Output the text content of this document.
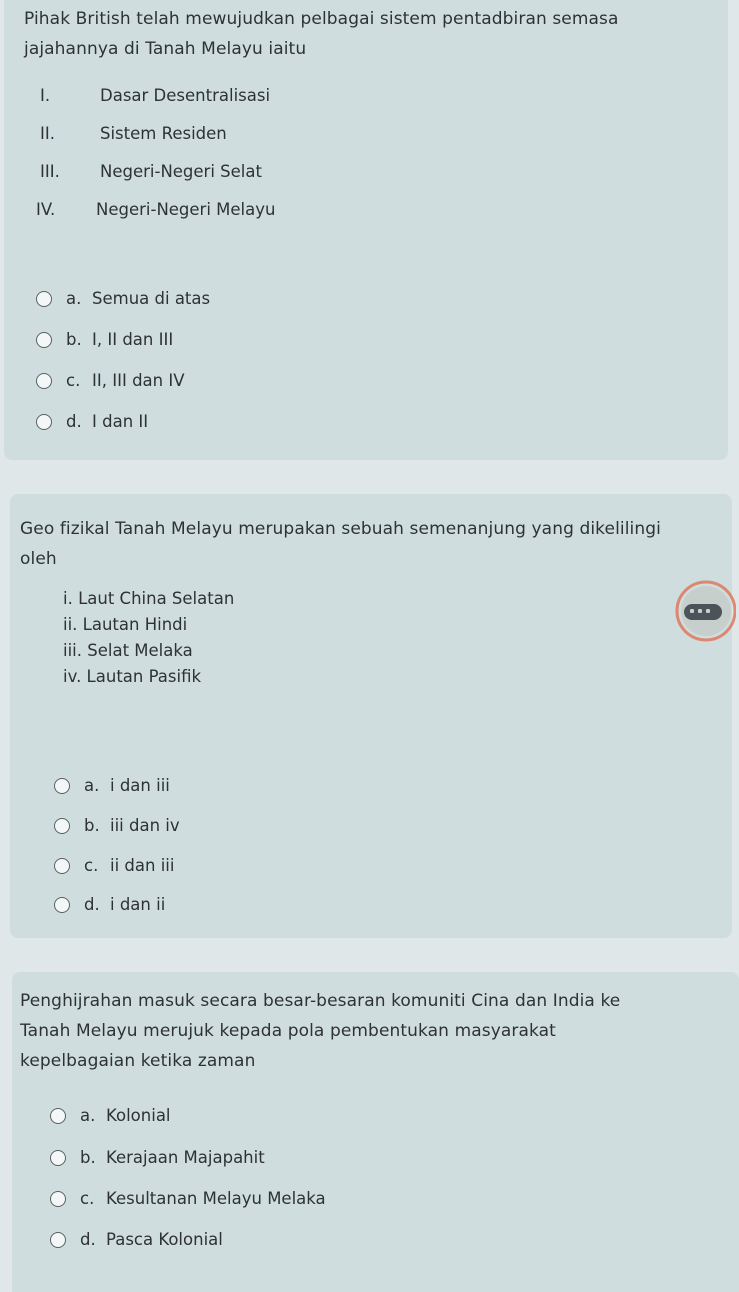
Pihak British telah mewujudkan pelbagai sistem pentadbiran semasa
jajahannya di Tanah Melayu iaitu
I.	Dasar Desentralisasi
II.	Sistem Residen
III. Negeri-Negeri Selat
IV. Negeri-Negeri Melayu
a. Semua di atas
b. I, II dan III
c. II, III dan IV
d. I dan II
Geo fizikal Tanah Melayu merupakan sebuah semenanjung yang dikelilingi
oleh
i. Laut China Selatan
ii. Lautan Hindi
iii. Selat Melaka
iv. Lautan Pasifik
a. i dan iii
b. iii dan iv
c. ii dan iii
d. i dan ii
Penghijrahan masuk secara besar-besaran komuniti Cina dan India ke
Tanah Melayu merujuk kepada pola pembentukan masyarakat
kepelbagaian ketika zaman
a. Kolonial
b. Kerajaan Majapahit
c. Kesultanan Melayu Melaka
d. Pasca Kolonial
